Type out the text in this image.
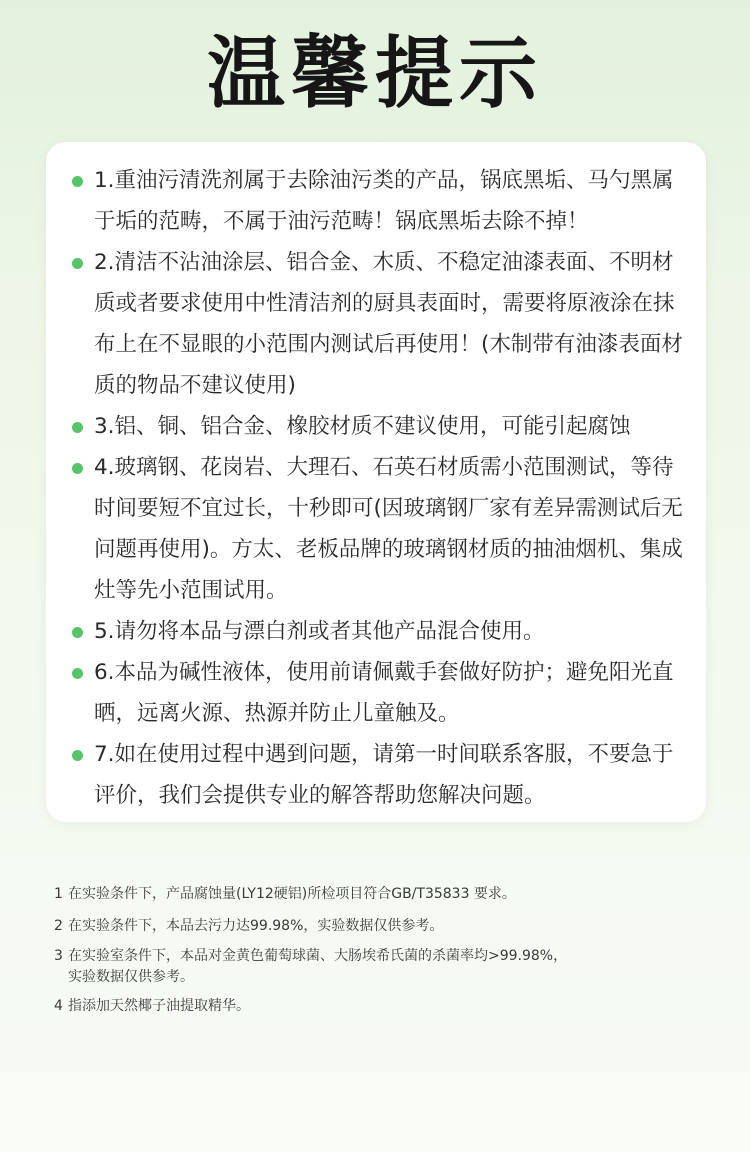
温馨提示
1.重油污清洗剂属于去除油污类的产品，锅底黑垢、马勺黑属于垢的范畴，不属于油污范畴！锅底黑垢去除不掉！
2.清洁不沾油涂层、铝合金、木质、不稳定油漆表面、不明材质或者要求使用中性清洁剂的厨具表面时，需要将原液涂在抹布上在不显眼的小范围内测试后再使用！(木制带有油漆表面材质的物品不建议使用)
3.铝、铜、铝合金、橡胶材质不建议使用，可能引起腐蚀
4.玻璃钢、花岗岩、大理石、石英石材质需小范围测试，等待时间要短不宜过长，十秒即可(因玻璃钢厂家有差异需测试后无问题再使用)。方太、老板品牌的玻璃钢材质的抽油烟机、集成灶等先小范围试用。
5.请勿将本品与漂白剂或者其他产品混合使用。
6.本品为碱性液体，使用前请佩戴手套做好防护；避免阳光直晒，远离火源、热源并防止儿童触及。
7.如在使用过程中遇到问题，请第一时间联系客服，不要急于评价，我们会提供专业的解答帮助您解决问题。
1 在实验条件下，产品腐蚀量(LY12硬铝)所检项目符合GB/T35833 要求。
2 在实验条件下，本品去污力达99.98%，实验数据仅供参考。
3 在实验室条件下，本品对金黄色葡萄球菌、大肠埃希氏菌的杀菌率均>99.98%，
实验数据仅供参考。
4 指添加天然椰子油提取精华。
